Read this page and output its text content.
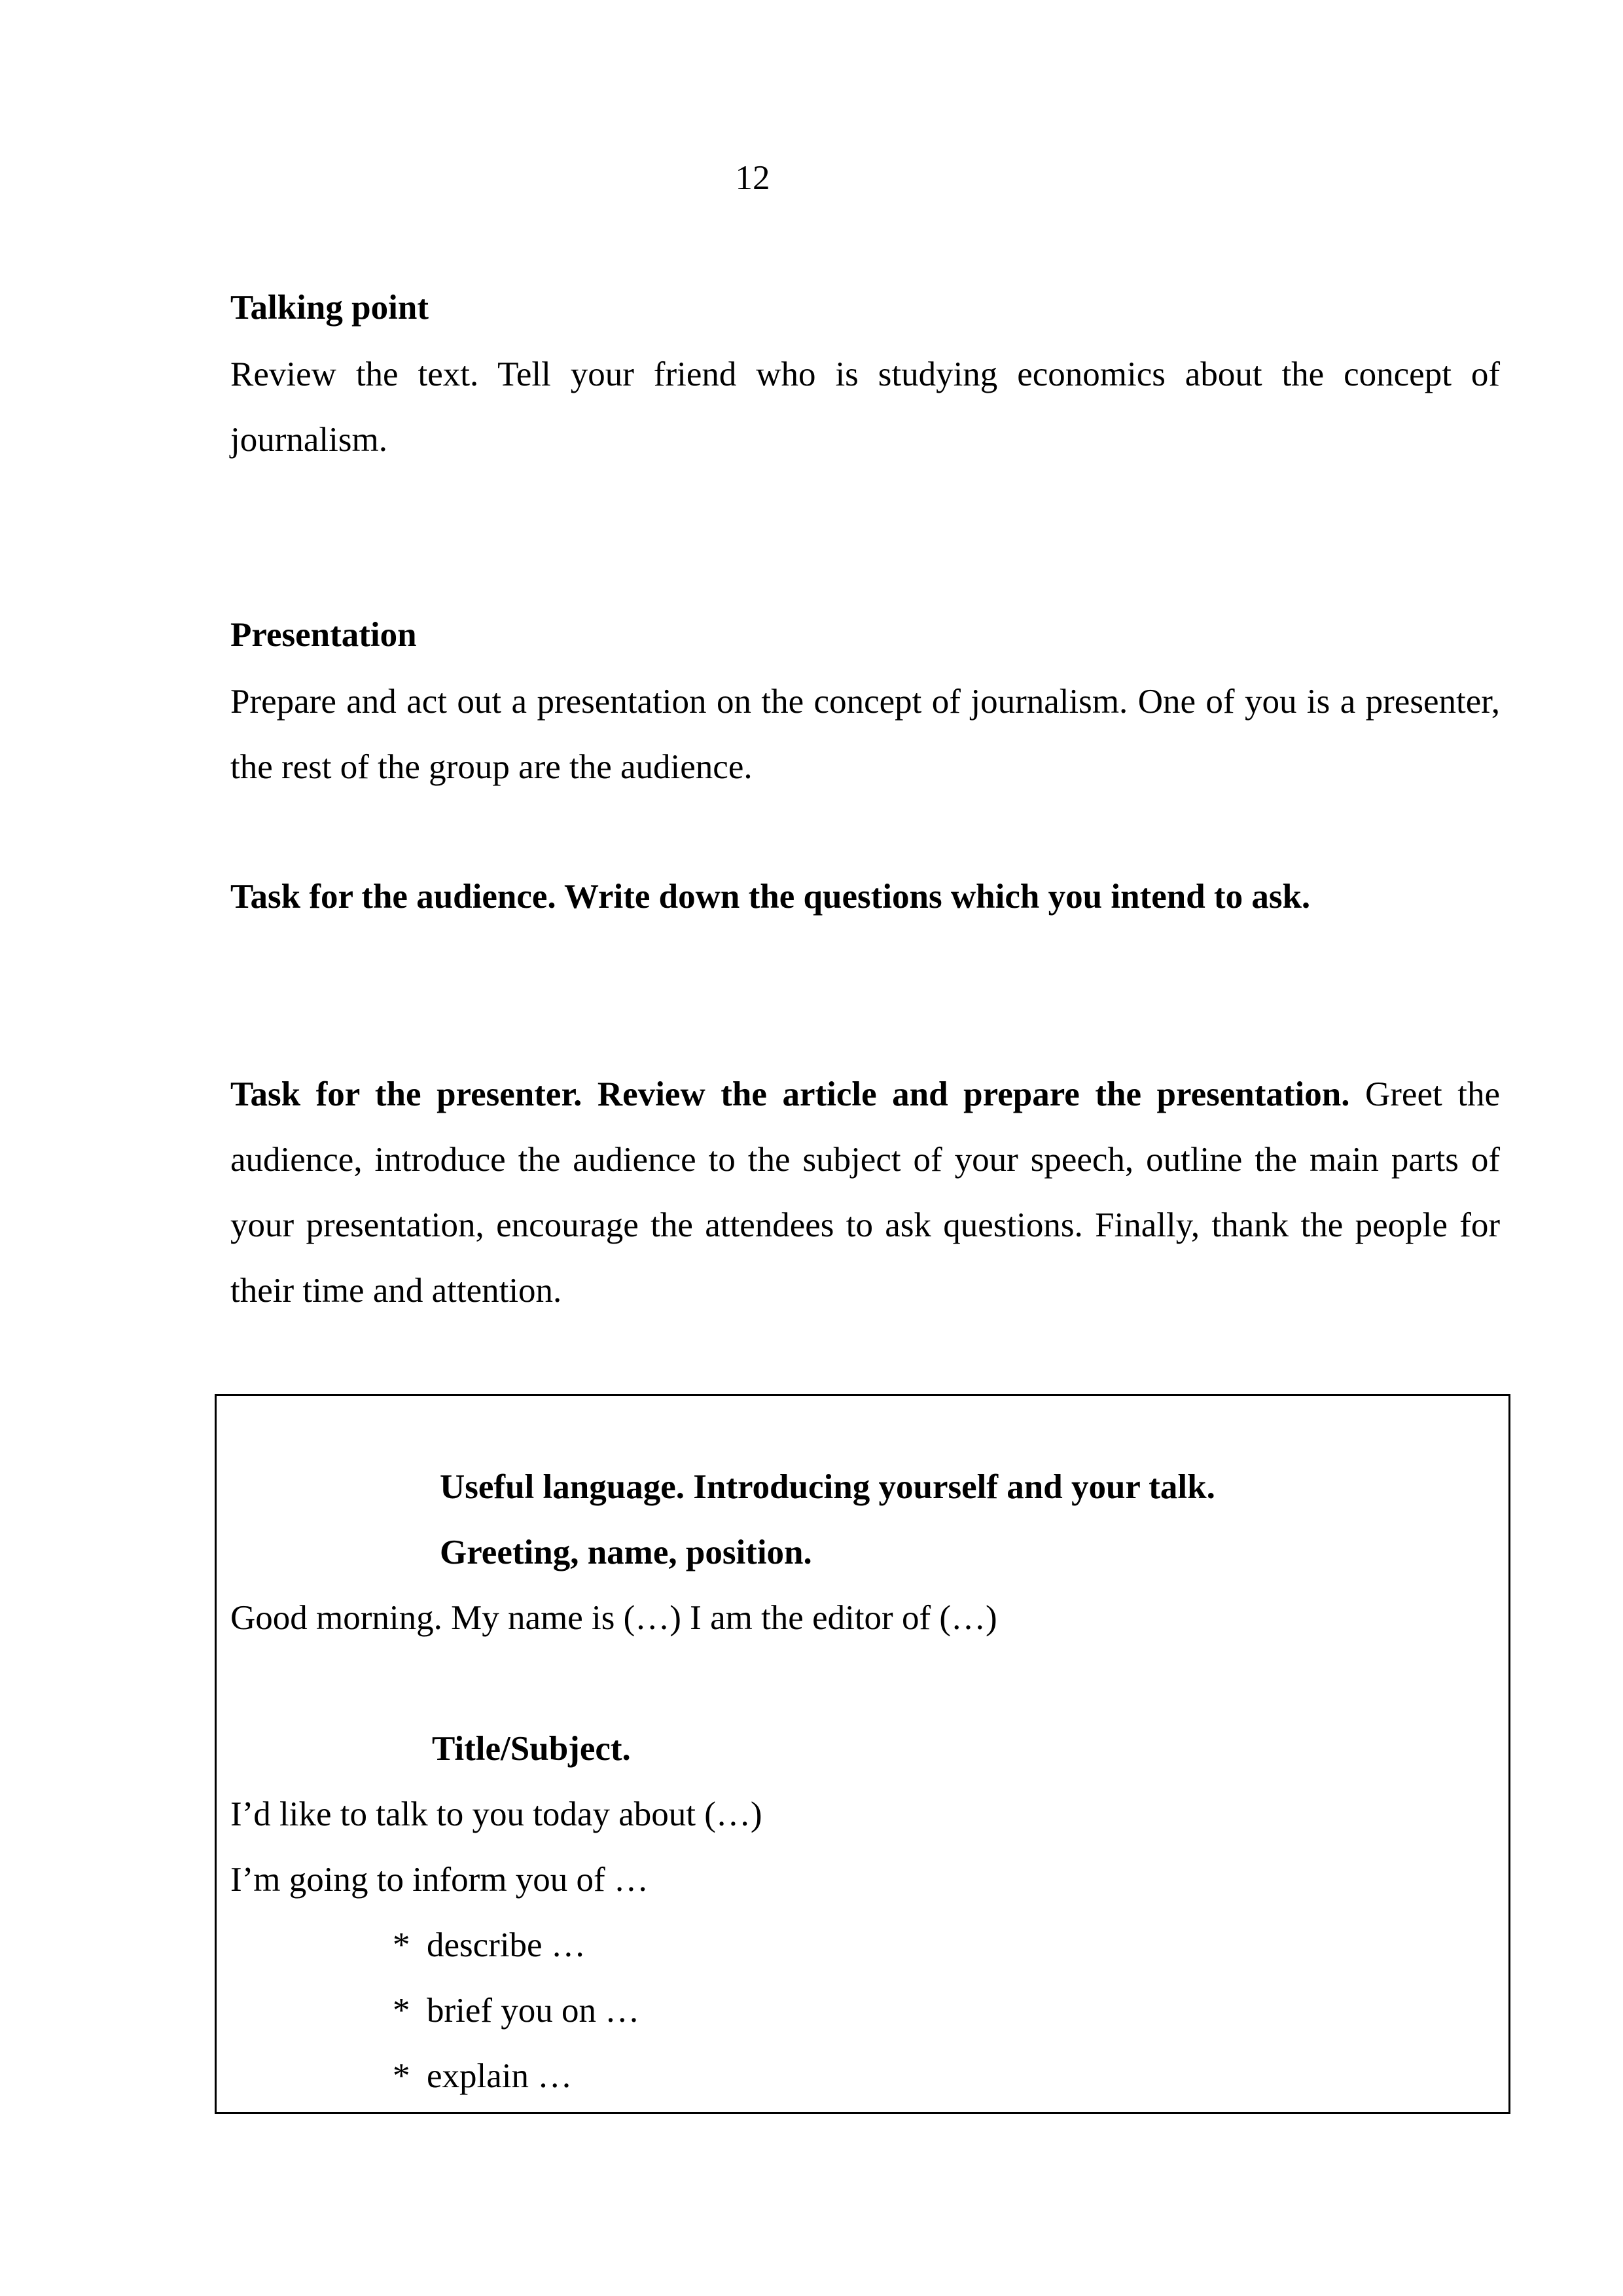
12
Talking point
Review the text. Tell your friend who is studying economics about the concept of journalism.
Presentation
Prepare and act out a presentation on the concept of journalism. One of you is a presenter, the rest of the group are the audience.
Task for the audience. Write down the questions which you intend to ask.
Task for the presenter. Review the article and prepare the presentation. Greet the audience, introduce the audience to the subject of your speech, outline the main parts of your presentation, encourage the attendees to ask questions. Finally, thank the people for their time and attention.
Useful language. Introducing yourself and your talk.
Greeting, name, position.
Good morning. My name is (…) I am the editor of (…)
Title/Subject.
I’d like to talk to you today about (…)
I’m going to inform you of …
* describe …
* brief you on …
* explain …
